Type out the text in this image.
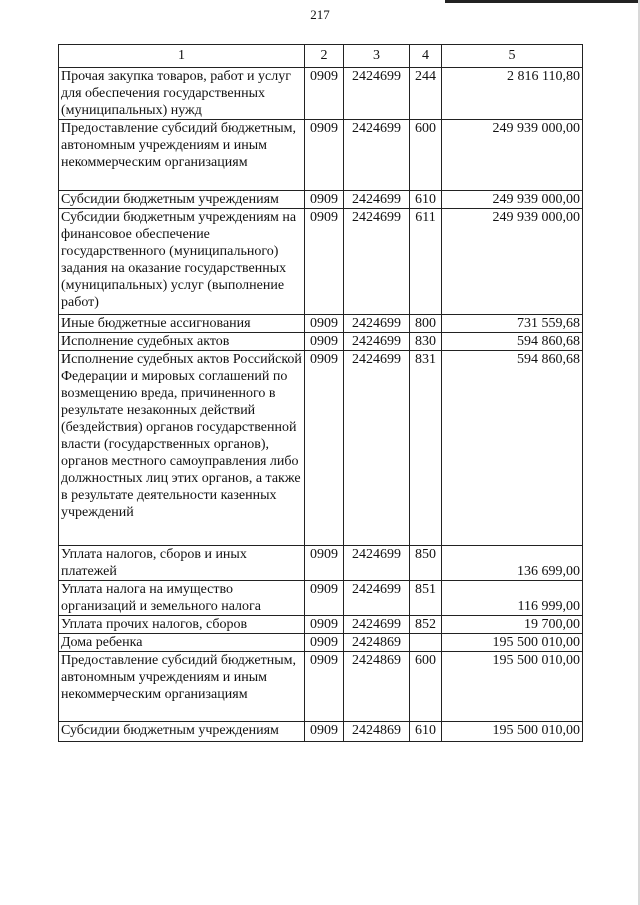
217
1	2	3	4	5
Прочая закупка товаров, работ и услуг для обеспечения государственных (муниципальных) нужд	0909	2424699	244	2 816 110,80
Предоставление субсидий бюджетным, автономным учреждениям и иным некоммерческим организациям	0909	2424699	600	249 939 000,00
Субсидии бюджетным учреждениям	0909	2424699	610	249 939 000,00
Субсидии бюджетным учреждениям на финансовое обеспечение государственного (муниципального) задания на оказание государственных (муниципальных) услуг (выполнение работ)	0909	2424699	611	249 939 000,00
Иные бюджетные ассигнования	0909	2424699	800	731 559,68
Исполнение судебных актов	0909	2424699	830	594 860,68
Исполнение судебных актов Российской Федерации и мировых соглашений по возмещению вреда, причиненного в результате незаконных действий (бездействия) органов государственной власти (государственных органов), органов местного самоуправления либо должностных лиц этих органов, а также в результате деятельности казенных учреждений	0909	2424699	831	594 860,68
Уплата налогов, сборов и иных платежей	0909	2424699	850	136 699,00
Уплата налога на имущество организаций и земельного налога	0909	2424699	851	116 999,00
Уплата прочих налогов, сборов	0909	2424699	852	19 700,00
Дома ребенка	0909	2424869		195 500 010,00
Предоставление субсидий бюджетным, автономным учреждениям и иным некоммерческим организациям	0909	2424869	600	195 500 010,00
Субсидии бюджетным учреждениям	0909	2424869	610	195 500 010,00
